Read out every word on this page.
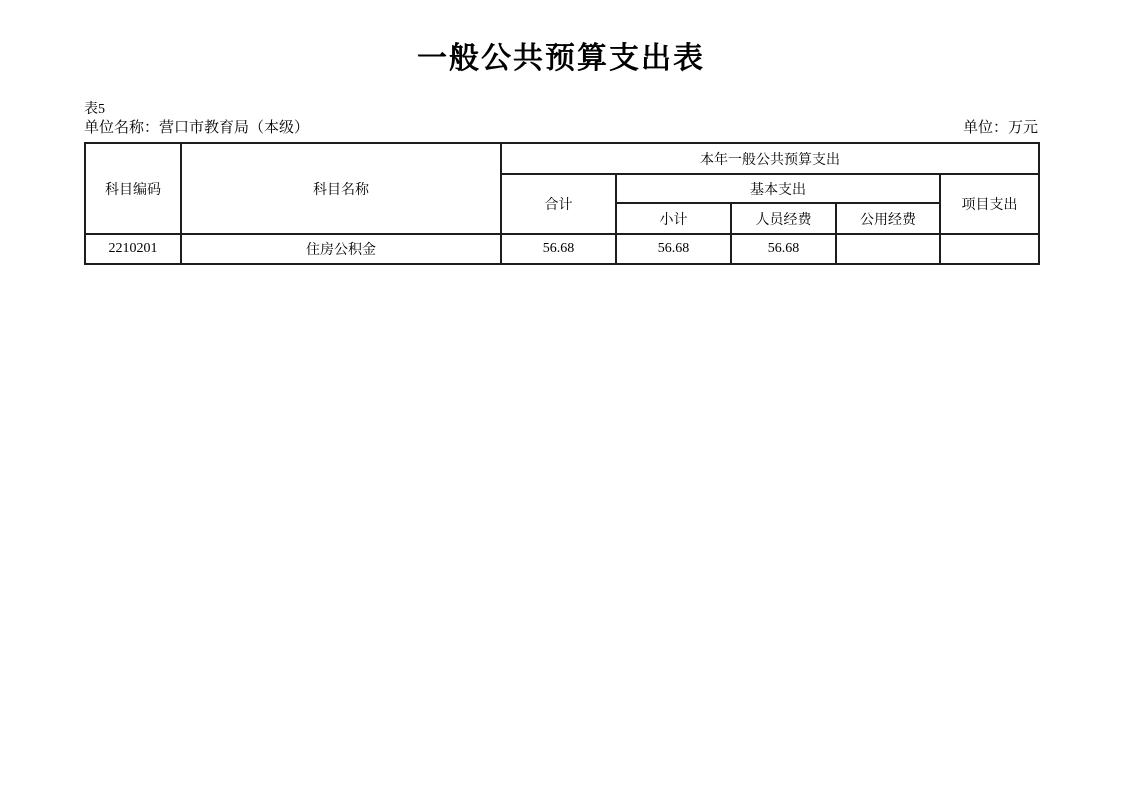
一般公共预算支出表
表5
单位名称：营口市教育局（本级）	单位：万元
科目编码	科目名称	本年一般公共预算支出				
		合计	基本支出			项目支出
			小计	人员经费	公用经费	
2210201	住房公积金	56.68	56.68	56.68		
